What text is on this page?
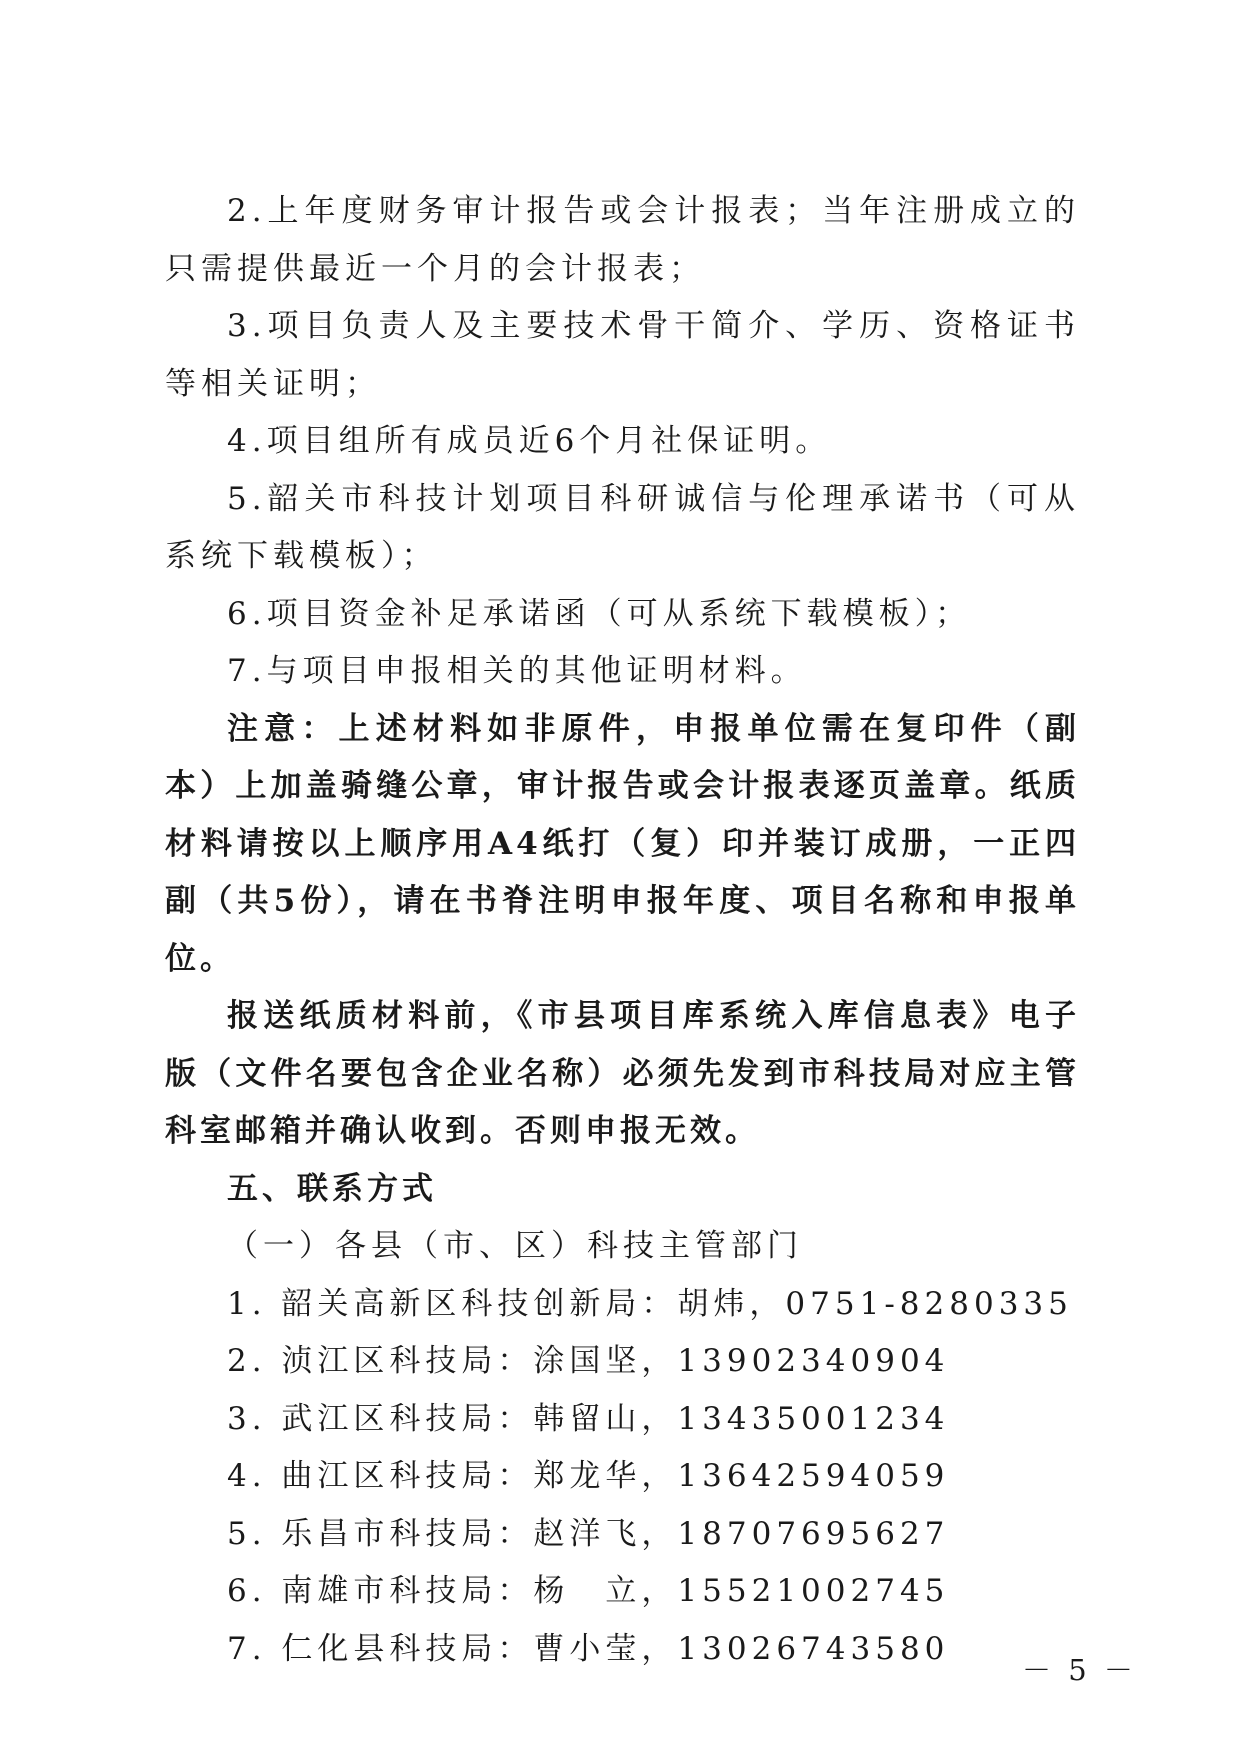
2.上年度财务审计报告或会计报表；当年注册成立的只需提供最近一个月的会计报表；

3.项目负责人及主要技术骨干简介、学历、资格证书等相关证明；

4.项目组所有成员近6个月社保证明。

5.韶关市科技计划项目科研诚信与伦理承诺书（可从系统下载模板）；

6.项目资金补足承诺函（可从系统下载模板）；

7.与项目申报相关的其他证明材料。

注意：上述材料如非原件，申报单位需在复印件（副本）上加盖骑缝公章，审计报告或会计报表逐页盖章。纸质材料请按以上顺序用A4纸打（复）印并装订成册，一正四副（共5份），请在书脊注明申报年度、项目名称和申报单位。

报送纸质材料前，《市县项目库系统入库信息表》电子版（文件名要包含企业名称）必须先发到市科技局对应主管科室邮箱并确认收到。否则申报无效。

五、联系方式

（一）各县（市、区）科技主管部门

1. 韶关高新区科技创新局：胡炜，0751-8280335
2. 浈江区科技局：涂国坚，13902340904
3. 武江区科技局：韩留山，13435001234
4. 曲江区科技局：郑龙华，13642594059
5. 乐昌市科技局：赵洋飞，18707695627
6. 南雄市科技局：杨　立，15521002745
7. 仁化县科技局：曹小莹，13026743580
－ 5 －
